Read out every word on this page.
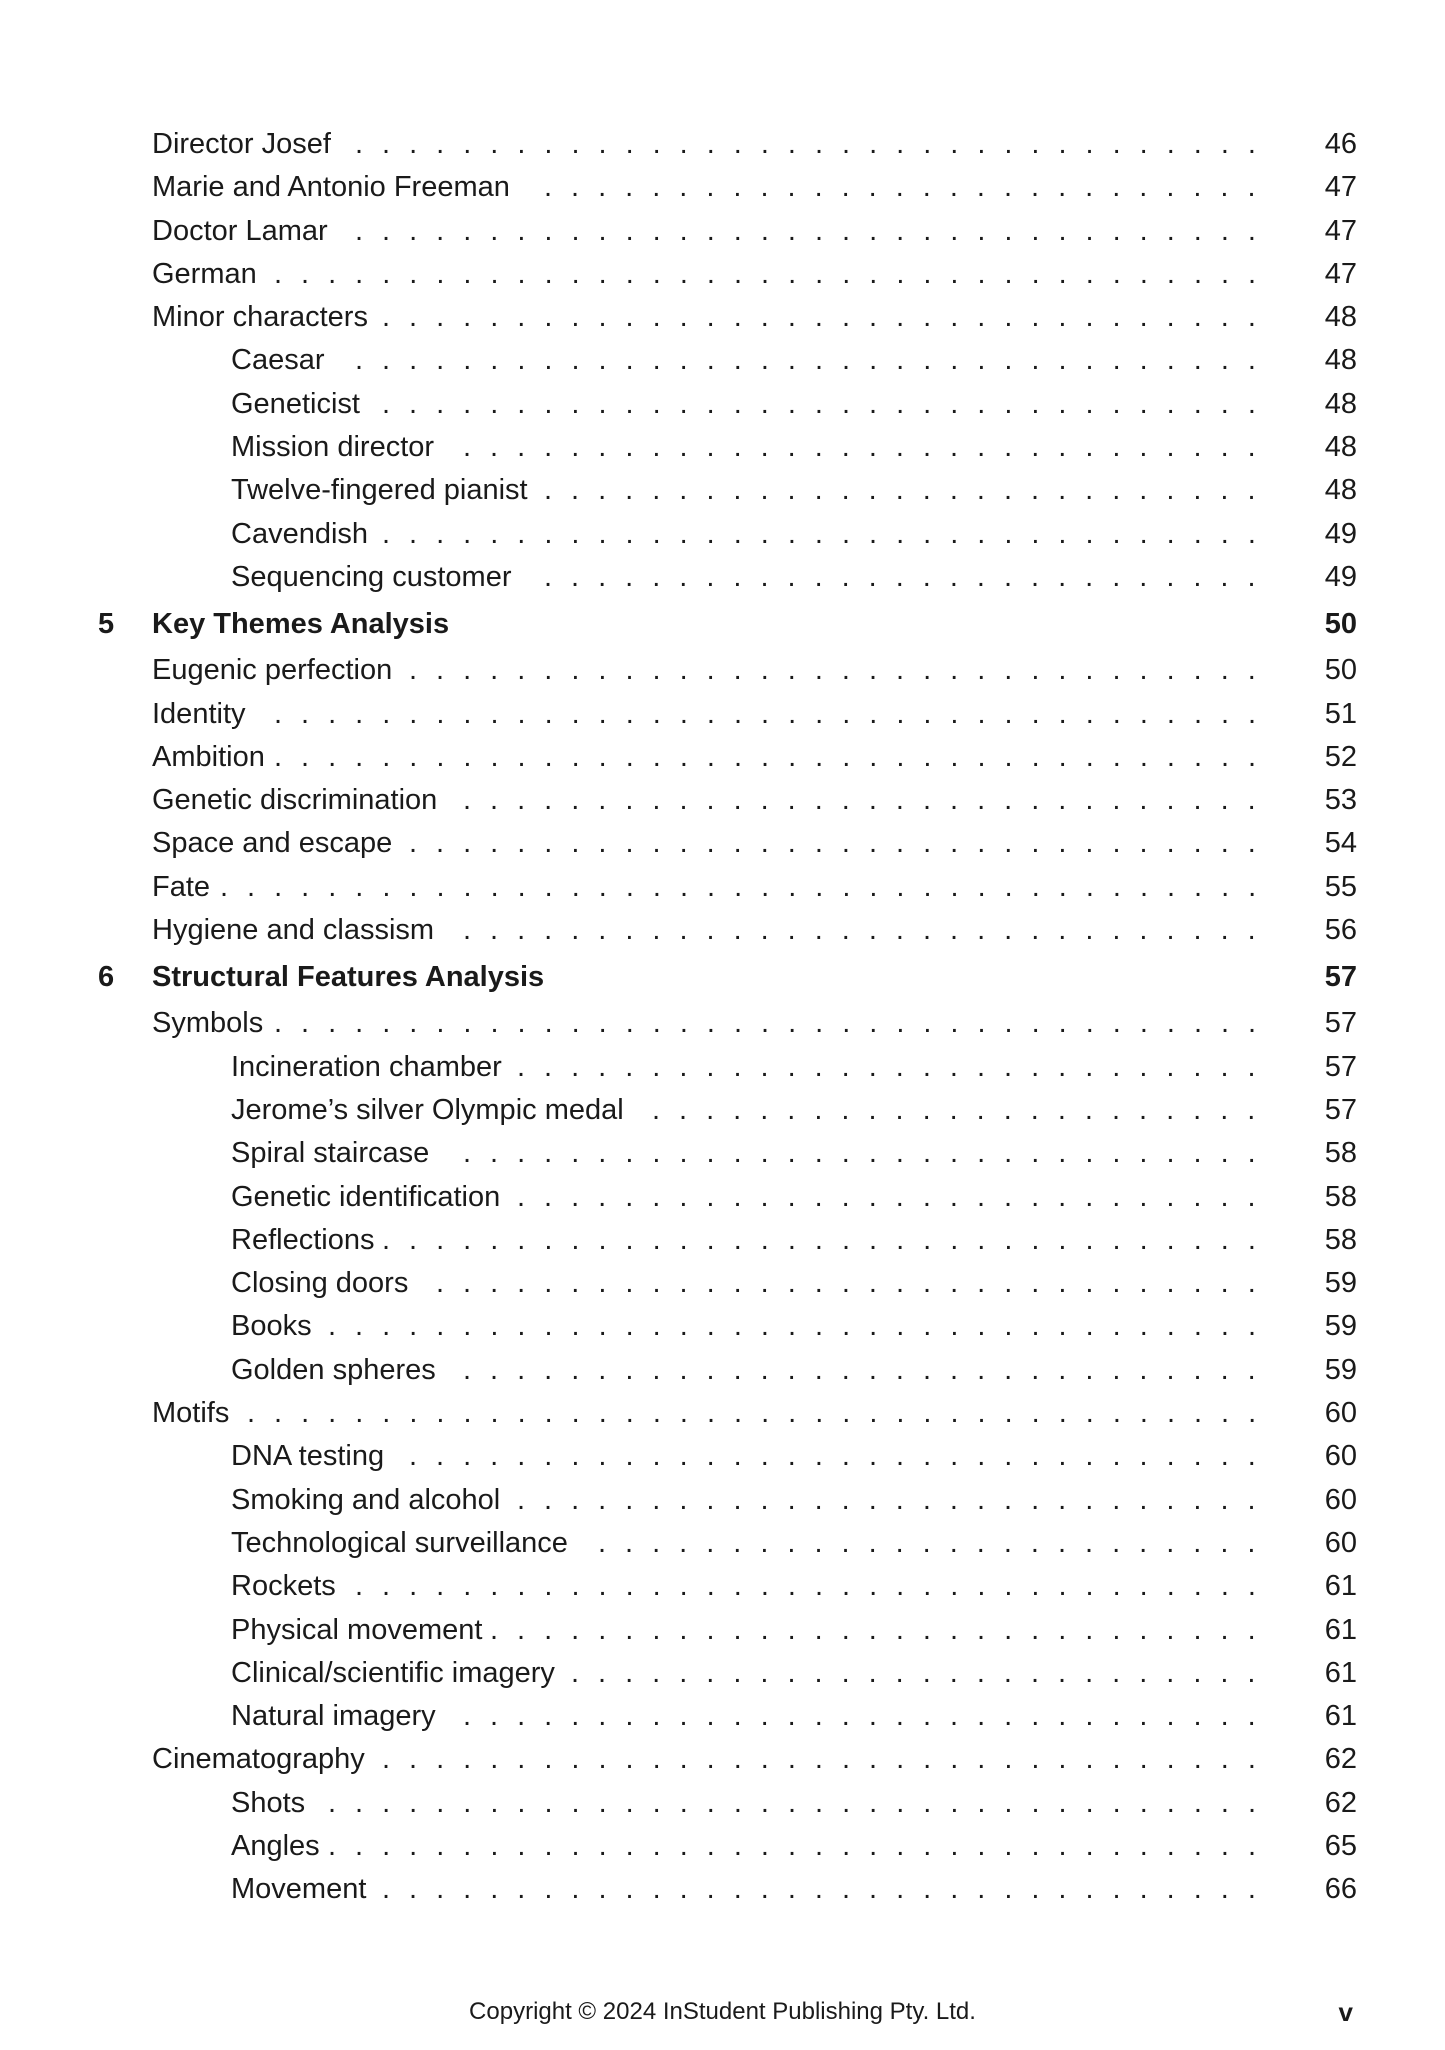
Director Josef ..................................	46
Marie and Antonio Freeman ...........................	47
Doctor Lamar ..................................	47
German .....................................	47
Minor characters .................................	48
Caesar ..................................	48
Geneticist .................................	48
Mission director ..............................	48
Twelve-fingered pianist ...........................	48
Cavendish .................................	49
Sequencing customer ...........................	49
5 Key Themes Analysis	50
Eugenic perfection ................................	50
Identity .....................................	51
Ambition .....................................	52
Genetic discrimination ..............................	53
Space and escape ................................	54
Fate .......................................	55
Hygiene and classism ..............................	56
6 Structural Features Analysis	57
Symbols .....................................	57
Incineration chamber ............................	57
Jerome’s silver Olympic medal .......................	57
Spiral staircase ..............................	58
Genetic identification ............................	58
Reflections .................................	58
Closing doors ...............................	59
Books ...................................	59
Golden spheres ..............................	59
Motifs ......................................	60
DNA testing ................................	60
Smoking and alcohol ............................	60
Technological surveillance .........................	60
Rockets ..................................	61
Physical movement .............................	61
Clinical/scientific imagery ..........................	61
Natural imagery ..............................	61
Cinematography .................................	62
Shots ...................................	62
Angles ...................................	65
Movement .................................	66
Copyright © 2024 InStudent Publishing Pty. Ltd.	v
